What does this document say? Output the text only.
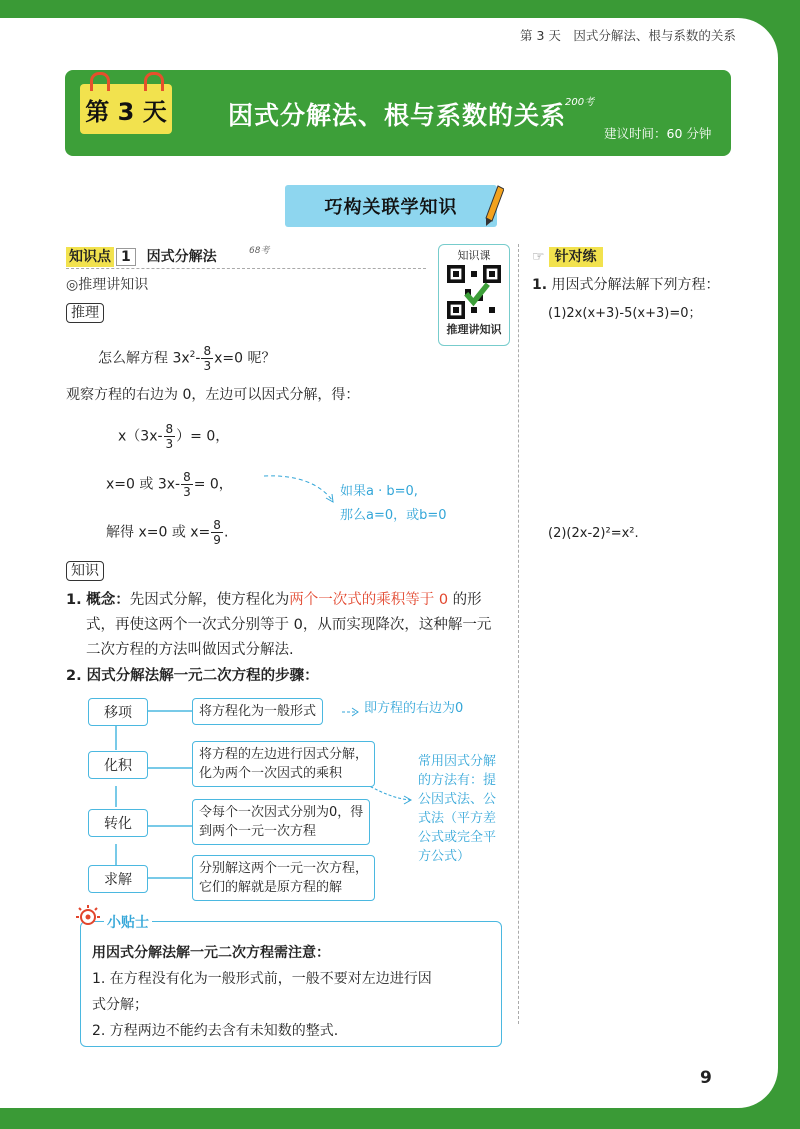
第 3 天　因式分解法、根与系数的关系
第 3 天 因式分解法、根与系数的关系
200考
建议时间：60 分钟
巧构关联学知识
知识点 1 因式分解法	68考
◎推理讲知识
知识课
推理讲知识
推理
怎么解方程 $3x^2- \frac{8}{3} x=0$ 呢？
观察方程的右边为 0，左边可以因式分解，得：
$x(3x- \frac{8}{3}$ ）= 0，
x=0 或 $3x- \frac{8}{3} = 0$，
解得 x=0 或 $x= \frac{8}{9}$ .
如果a · b=0,
那么a=0，或b=0
知识
1. 概念：先因式分解，使方程化为两个一次式的乘积等于 0 的形
式，再使这两个一次式分别等于 0，从而实现降次，这种解一元
二次方程的方法叫做因式分解法.
2. 因式分解法解一元二次方程的步骤：
移项
化积
转化
求解
将方程化为一般形式
将方程的左边进行因式分解，
化为两个一次因式的乘积
令每个一次因式分别为0，得
到两个一元一次方程
分别解这两个一元一次方程，
它们的解就是原方程的解
即方程的右边为0
常用因式分解
的方法有：提
公因式法、公
式法（平方差
公式或完全平
方公式）
小贴士
用因式分解法解一元二次方程需注意：
1. 在方程没有化为一般形式前，一般不要对左边进行因
式分解；
2. 方程两边不能约去含有未知数的整式.
☞ 针对练
1. 用因式分解法解下列方程：
(1)2x(x+3)-5(x+3)=0；
(2)(2x-2)²=x².
9
